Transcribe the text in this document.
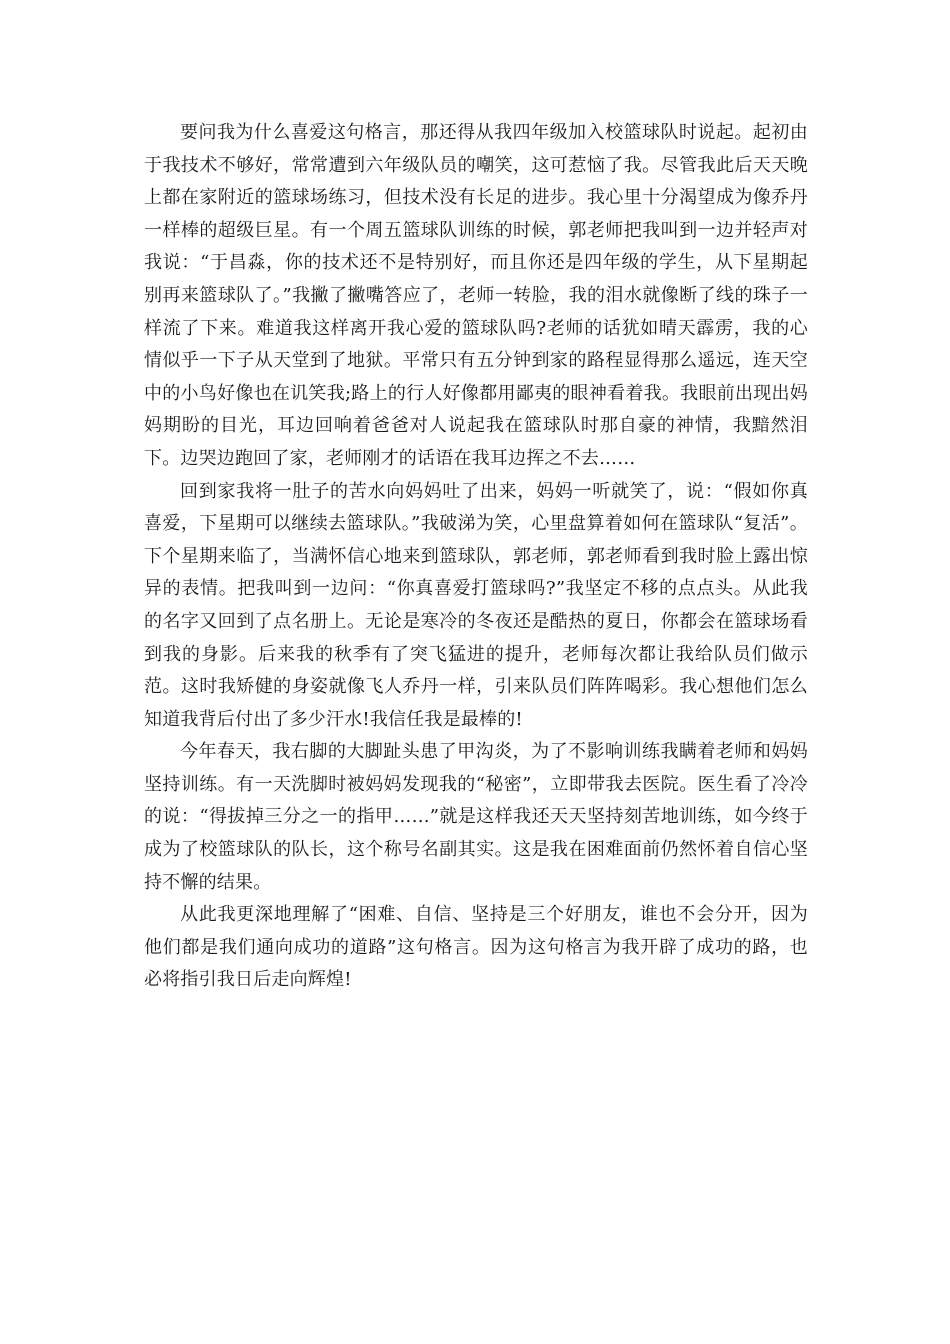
要问我为什么喜爱这句格言，那还得从我四年级加入校篮球队时说起。起初由于我技术不够好，常常遭到六年级队员的嘲笑，这可惹恼了我。尽管我此后天天晚上都在家附近的篮球场练习，但技术没有长足的进步。我心里十分渴望成为像乔丹一样棒的超级巨星。有一个周五篮球队训练的时候，郭老师把我叫到一边并轻声对我说：“于昌淼，你的技术还不是特别好，而且你还是四年级的学生，从下星期起别再来篮球队了。”我撇了撇嘴答应了，老师一转脸，我的泪水就像断了线的珠子一样流了下来。难道我这样离开我心爱的篮球队吗?老师的话犹如晴天霹雳，我的心情似乎一下子从天堂到了地狱。平常只有五分钟到家的路程显得那么遥远，连天空中的小鸟好像也在讥笑我;路上的行人好像都用鄙夷的眼神看着我。我眼前出现出妈妈期盼的目光，耳边回响着爸爸对人说起我在篮球队时那自豪的神情，我黯然泪下。边哭边跑回了家，老师刚才的话语在我耳边挥之不去……

回到家我将一肚子的苦水向妈妈吐了出来，妈妈一听就笑了，说：“假如你真喜爱，下星期可以继续去篮球队。”我破涕为笑，心里盘算着如何在篮球队“复活”。下个星期来临了，当满怀信心地来到篮球队，郭老师，郭老师看到我时脸上露出惊异的表情。把我叫到一边问：“你真喜爱打篮球吗?”我坚定不移的点点头。从此我的名字又回到了点名册上。无论是寒冷的冬夜还是酷热的夏日，你都会在篮球场看到我的身影。后来我的秋季有了突飞猛进的提升，老师每次都让我给队员们做示范。这时我矫健的身姿就像飞人乔丹一样，引来队员们阵阵喝彩。我心想他们怎么知道我背后付出了多少汗水!我信任我是最棒的!

今年春天，我右脚的大脚趾头患了甲沟炎，为了不影响训练我瞒着老师和妈妈坚持训练。有一天洗脚时被妈妈发现我的“秘密”，立即带我去医院。医生看了冷冷的说：“得拔掉三分之一的指甲……”就是这样我还天天坚持刻苦地训练，如今终于成为了校篮球队的队长，这个称号名副其实。这是我在困难面前仍然怀着自信心坚持不懈的结果。

从此我更深地理解了“困难、自信、坚持是三个好朋友，谁也不会分开，因为他们都是我们通向成功的道路”这句格言。因为这句格言为我开辟了成功的路，也必将指引我日后走向辉煌!
